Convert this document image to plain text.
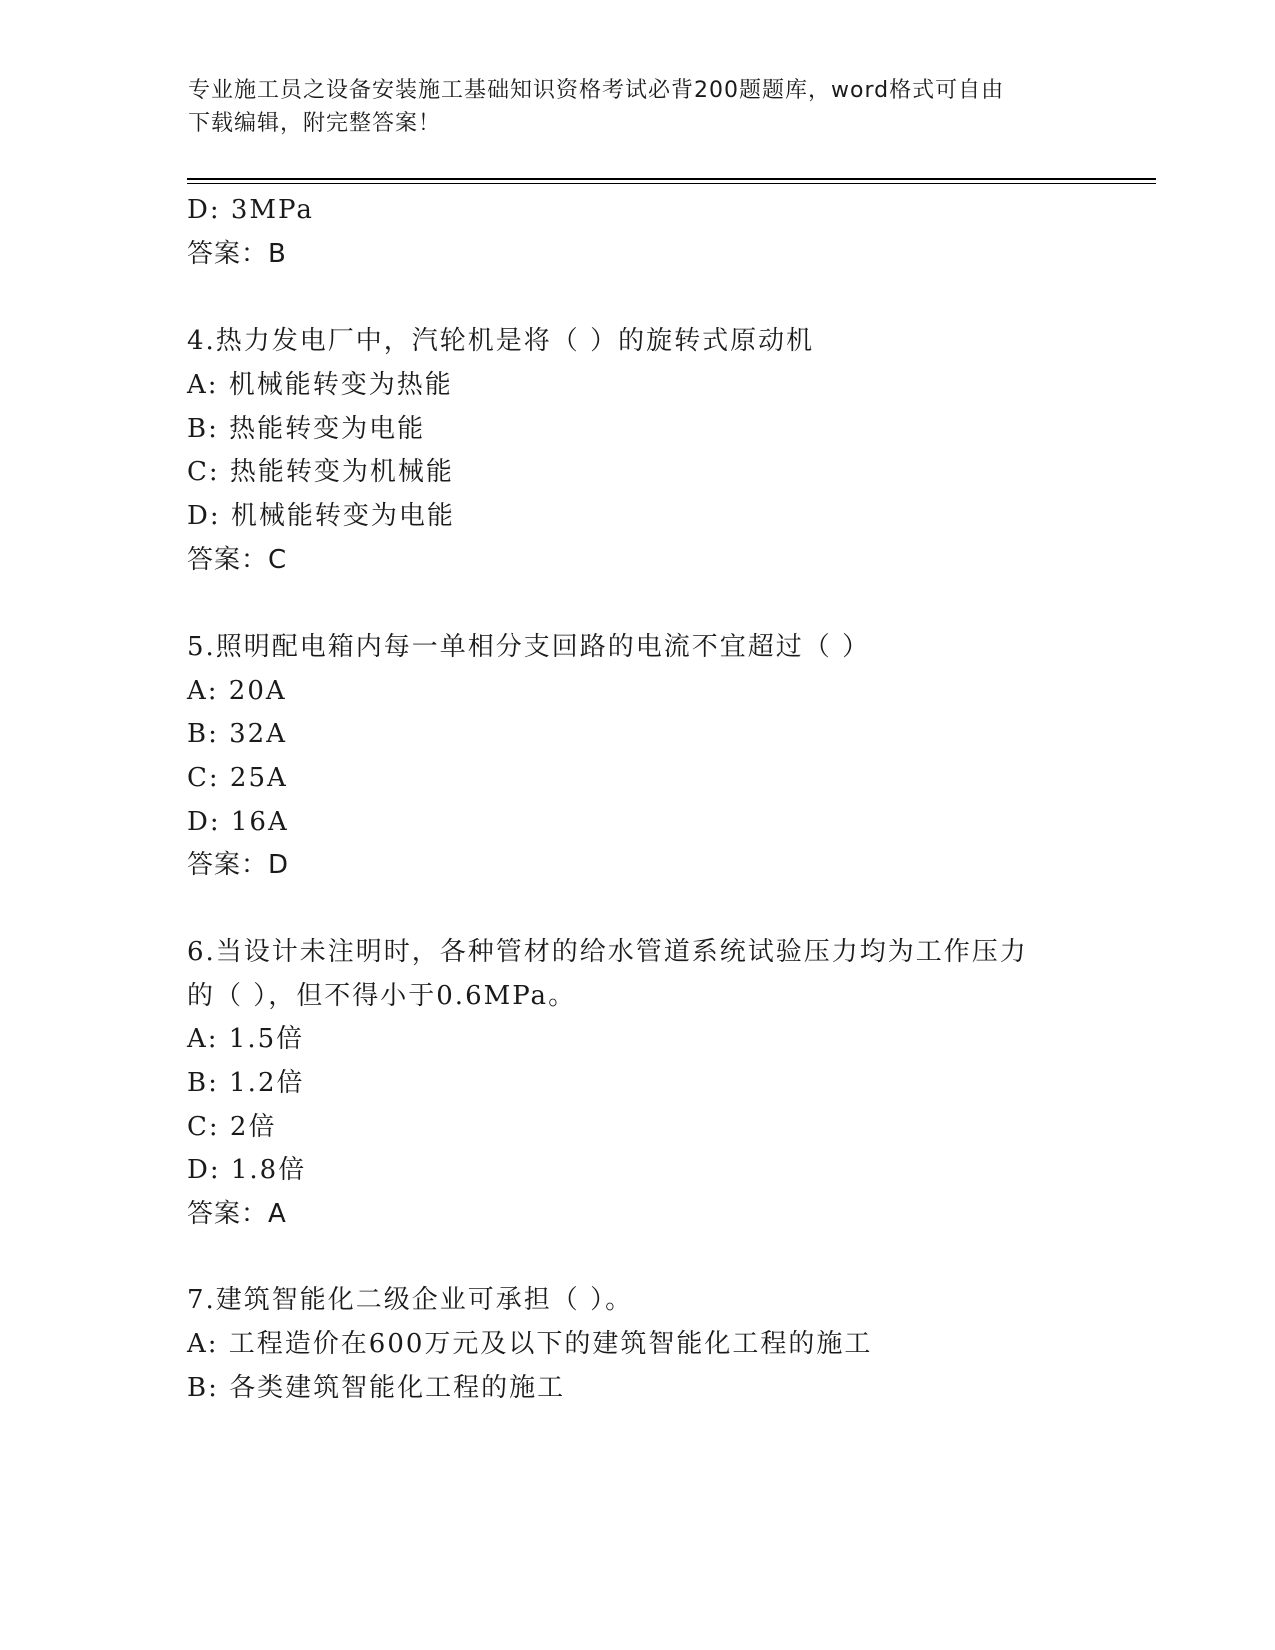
专业施工员之设备安装施工基础知识资格考试必背200题题库，word格式可自由
下载编辑，附完整答案！
D: 3MPa
答案：B
4.热力发电厂中，汽轮机是将（ ）的旋转式原动机
A: 机械能转变为热能
B: 热能转变为电能
C: 热能转变为机械能
D: 机械能转变为电能
答案：C
5.照明配电箱内每一单相分支回路的电流不宜超过（ ）
A: 20A
B: 32A
C: 25A
D: 16A
答案：D
6.当设计未注明时，各种管材的给水管道系统试验压力均为工作压力
的（ ），但不得小于0.6MPa。
A: 1.5倍
B: 1.2倍
C: 2倍
D: 1.8倍
答案：A
7.建筑智能化二级企业可承担（ ）。
A: 工程造价在600万元及以下的建筑智能化工程的施工
B: 各类建筑智能化工程的施工
